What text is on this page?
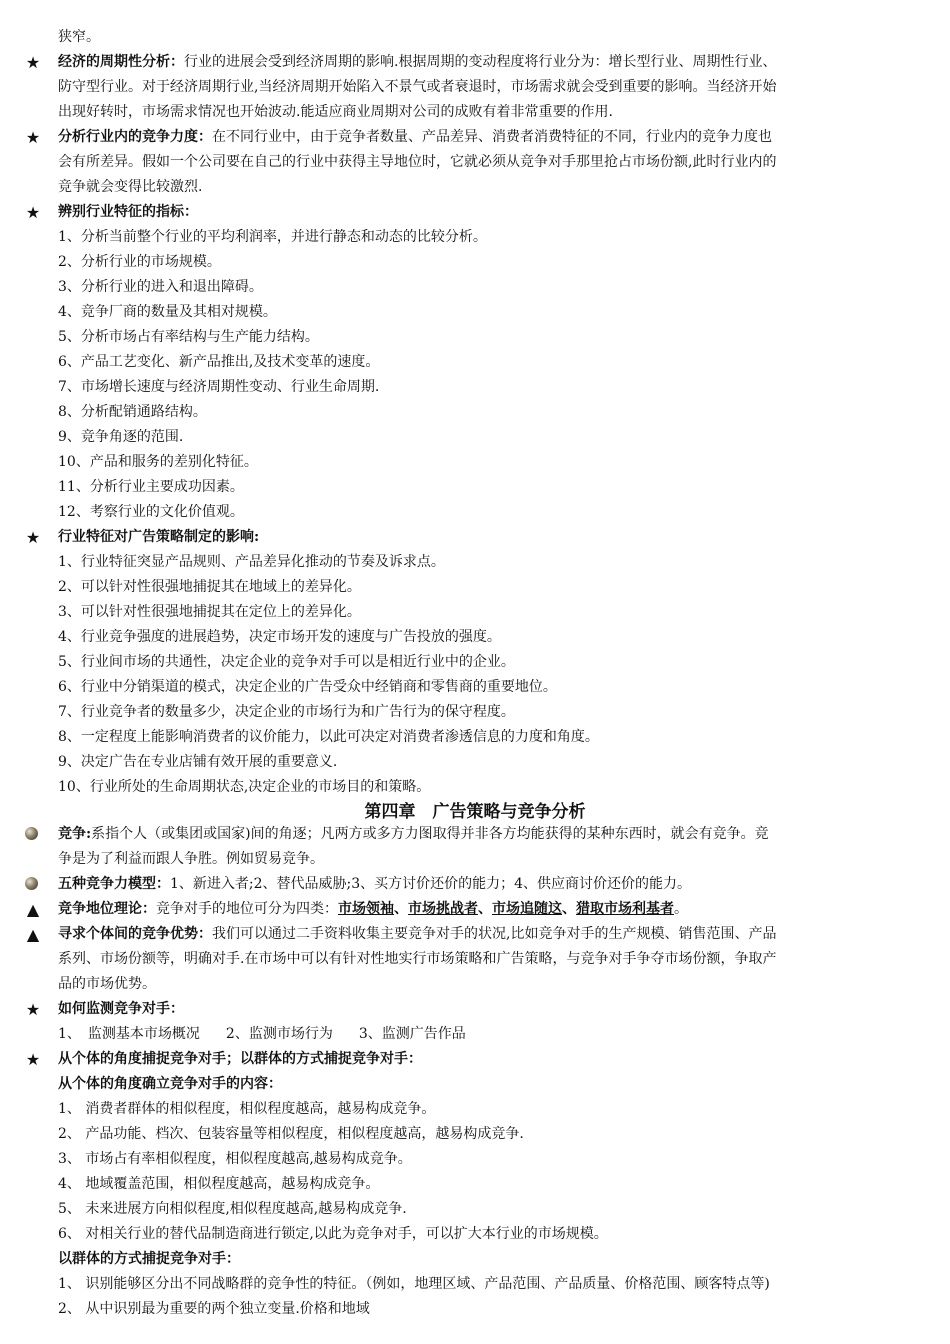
狭窄。
★ 经济的周期性分析：行业的进展会受到经济周期的影响.根据周期的变动程度将行业分为：增长型行业、周期性行业、
防守型行业。对于经济周期行业,当经济周期开始陷入不景气或者衰退时，市场需求就会受到重要的影响。当经济开始
出现好转时，市场需求情况也开始波动.能适应商业周期对公司的成败有着非常重要的作用.
★ 分析行业内的竞争力度：在不同行业中，由于竞争者数量、产品差异、消费者消费特征的不同，行业内的竞争力度也
会有所差异。假如一个公司要在自己的行业中获得主导地位时，它就必须从竞争对手那里抢占市场份额,此时行业内的
竞争就会变得比较激烈.
★ 辨别行业特征的指标：
1、分析当前整个行业的平均利润率，并进行静态和动态的比较分析。
2、分析行业的市场规模。
3、分析行业的进入和退出障碍。
4、竞争厂商的数量及其相对规模。
5、分析市场占有率结构与生产能力结构。
6、产品工艺变化、新产品推出,及技术变革的速度。
7、市场增长速度与经济周期性变动、行业生命周期.
8、分析配销通路结构。
9、竞争角逐的范围.
10、产品和服务的差别化特征。
11、分析行业主要成功因素。
12、考察行业的文化价值观。
★ 行业特征对广告策略制定的影响:
1、行业特征突显产品规则、产品差异化推动的节奏及诉求点。
2、可以针对性很强地捕捉其在地域上的差异化。
3、可以针对性很强地捕捉其在定位上的差异化。
4、行业竞争强度的进展趋势，决定市场开发的速度与广告投放的强度。
5、行业间市场的共通性，决定企业的竞争对手可以是相近行业中的企业。
6、行业中分销渠道的模式，决定企业的广告受众中经销商和零售商的重要地位。
7、行业竞争者的数量多少，决定企业的市场行为和广告行为的保守程度。
8、一定程度上能影响消费者的议价能力，以此可决定对消费者渗透信息的力度和角度。
9、决定广告在专业店铺有效开展的重要意义.
10、行业所处的生命周期状态,决定企业的市场目的和策略。
第四章　广告策略与竞争分析
竞争:系指个人（或集团或国家)间的角逐；凡两方或多方力图取得并非各方均能获得的某种东西时，就会有竞争。竞
争是为了利益而跟人争胜。例如贸易竞争。
五种竞争力模型：1、新进入者;2、替代品威胁;3、买方讨价还价的能力；4、供应商讨价还价的能力。
▲ 竞争地位理论：竞争对手的地位可分为四类：市场领袖、市场挑战者、市场追随这、猎取市场利基者。
▲ 寻求个体间的竞争优势：我们可以通过二手资料收集主要竞争对手的状况,比如竞争对手的生产规模、销售范围、产品
系列、市场份额等，明确对手.在市场中可以有针对性地实行市场策略和广告策略，与竞争对手争夺市场份额，争取产
品的市场优势。
★ 如何监测竞争对手：
1、　监测基本市场概况 2、监测市场行为 3、监测广告作品
★ 从个体的角度捕捉竞争对手；以群体的方式捕捉竞争对手：
从个体的角度确立竞争对手的内容：
1、 消费者群体的相似程度，相似程度越高，越易构成竞争。
2、 产品功能、档次、包装容量等相似程度，相似程度越高，越易构成竞争.
3、 市场占有率相似程度，相似程度越高,越易构成竞争。
4、 地域覆盖范围，相似程度越高，越易构成竞争。
5、 未来进展方向相似程度,相似程度越高,越易构成竞争.
6、 对相关行业的替代品制造商进行锁定,以此为竞争对手，可以扩大本行业的市场规模。
以群体的方式捕捉竞争对手：
1、 识别能够区分出不同战略群的竞争性的特征。（例如，地理区域、产品范围、产品质量、价格范围、顾客特点等)
2、 从中识别最为重要的两个独立变量.价格和地域
